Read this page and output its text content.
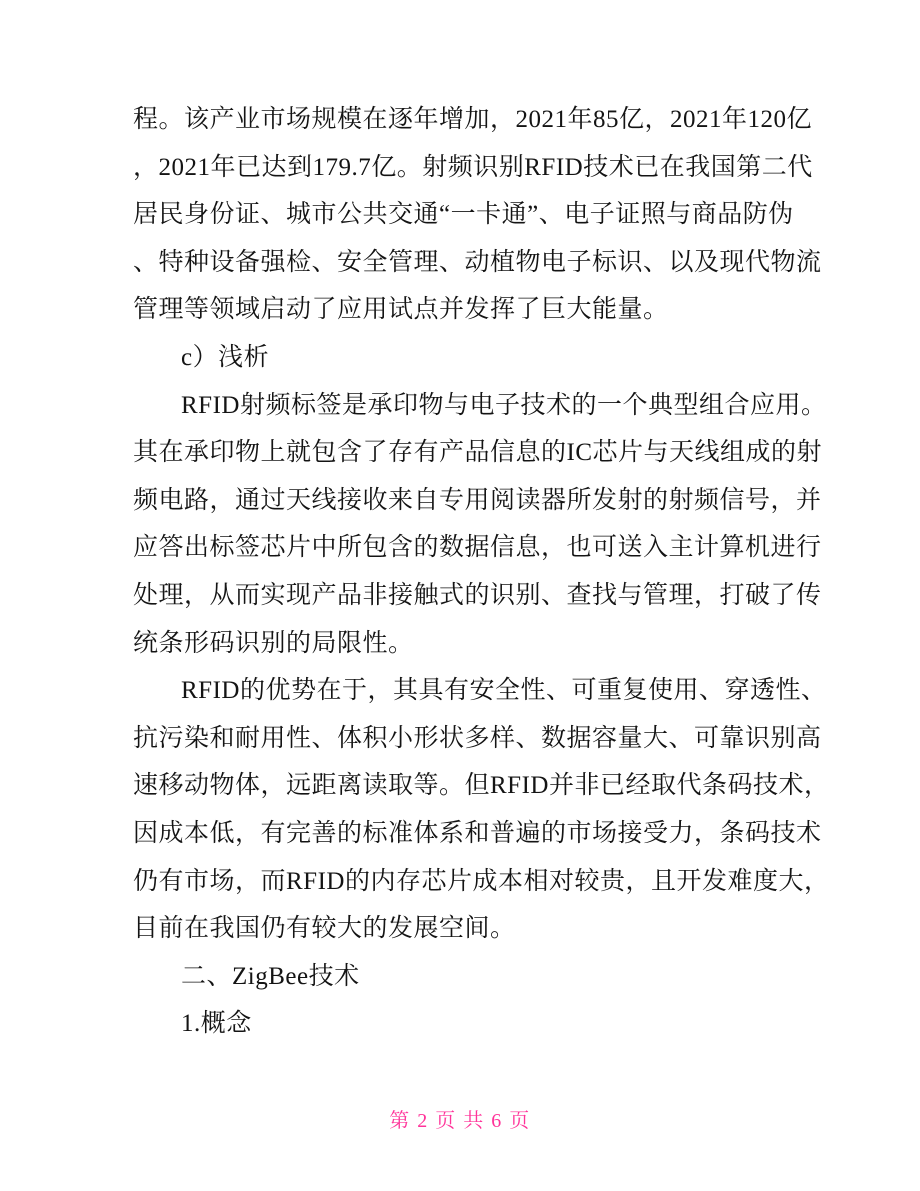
程。该产业市场规模在逐年增加，2021年85亿，2021年120亿
，2021年已达到179.7亿。射频识别RFID技术已在我国第二代
居民身份证、城市公共交通“一卡通”、电子证照与商品防伪
、特种设备强检、安全管理、动植物电子标识、以及现代物流
管理等领域启动了应用试点并发挥了巨大能量。
c）浅析
RFID射频标签是承印物与电子技术的一个典型组合应用。
其在承印物上就包含了存有产品信息的IC芯片与天线组成的射
频电路，通过天线接收来自专用阅读器所发射的射频信号，并
应答出标签芯片中所包含的数据信息，也可送入主计算机进行
处理，从而实现产品非接触式的识别、查找与管理，打破了传
统条形码识别的局限性。
RFID的优势在于，其具有安全性、可重复使用、穿透性、
抗污染和耐用性、体积小形状多样、数据容量大、可靠识别高
速移动物体，远距离读取等。但RFID并非已经取代条码技术，
因成本低，有完善的标准体系和普遍的市场接受力，条码技术
仍有市场，而RFID的内存芯片成本相对较贵，且开发难度大，
目前在我国仍有较大的发展空间。
二、ZigBee技术
1.概念
第 2 页 共 6 页
